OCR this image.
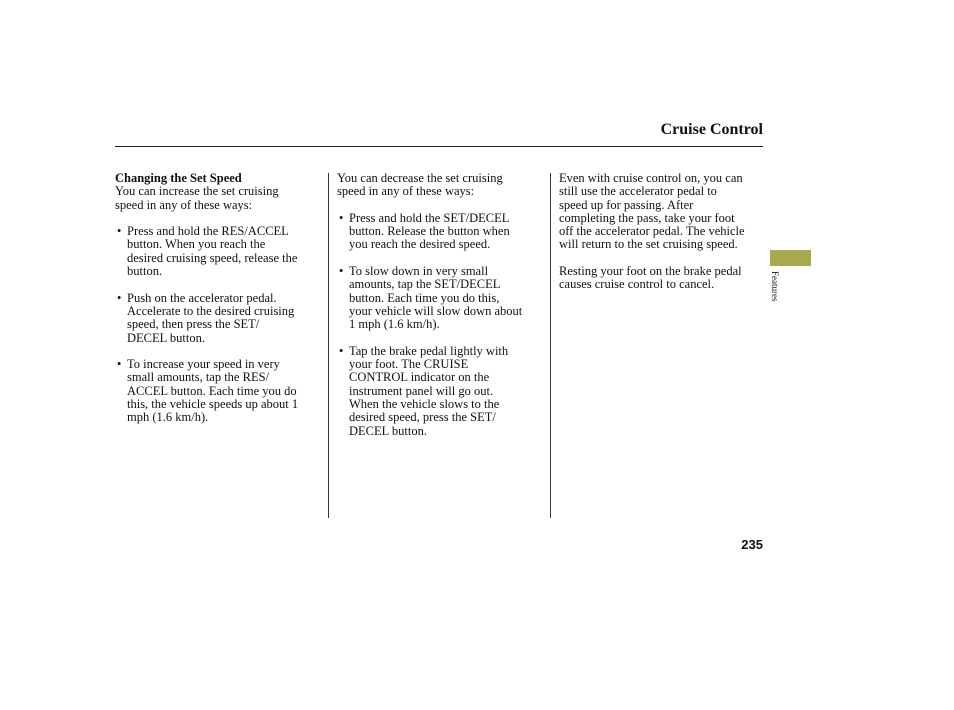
Cruise Control

Changing the Set Speed

You can increase the set cruising

speed in any of these ways:

• Press and hold the RES/ACCEL

button. When you reach the

desired cruising speed, release the

button.

• Push on the accelerator pedal.

Accelerate to the desired cruising

speed, then press the SET/

DECEL button.

• To increase your speed in very

small amounts, tap the RES/

ACCEL button. Each time you do

this, the vehicle speeds up about 1

mph (1.6 km/h).

You can decrease the set cruising

speed in any of these ways:

• Press and hold the SET/DECEL

button. Release the button when

you reach the desired speed.

• To slow down in very small

amounts, tap the SET/DECEL

button. Each time you do this,

your vehicle will slow down about

1 mph (1.6 km/h).

• Tap the brake pedal lightly with

your foot. The CRUISE

CONTROL indicator on the

instrument panel will go out.

When the vehicle slows to the

desired speed, press the SET/

DECEL button.

Even with cruise control on, you can

still use the accelerator pedal to

speed up for passing. After

completing the pass, take your foot

off the accelerator pedal. The vehicle

will return to the set cruising speed.

Resting your foot on the brake pedal

causes cruise control to cancel.	Features
235
